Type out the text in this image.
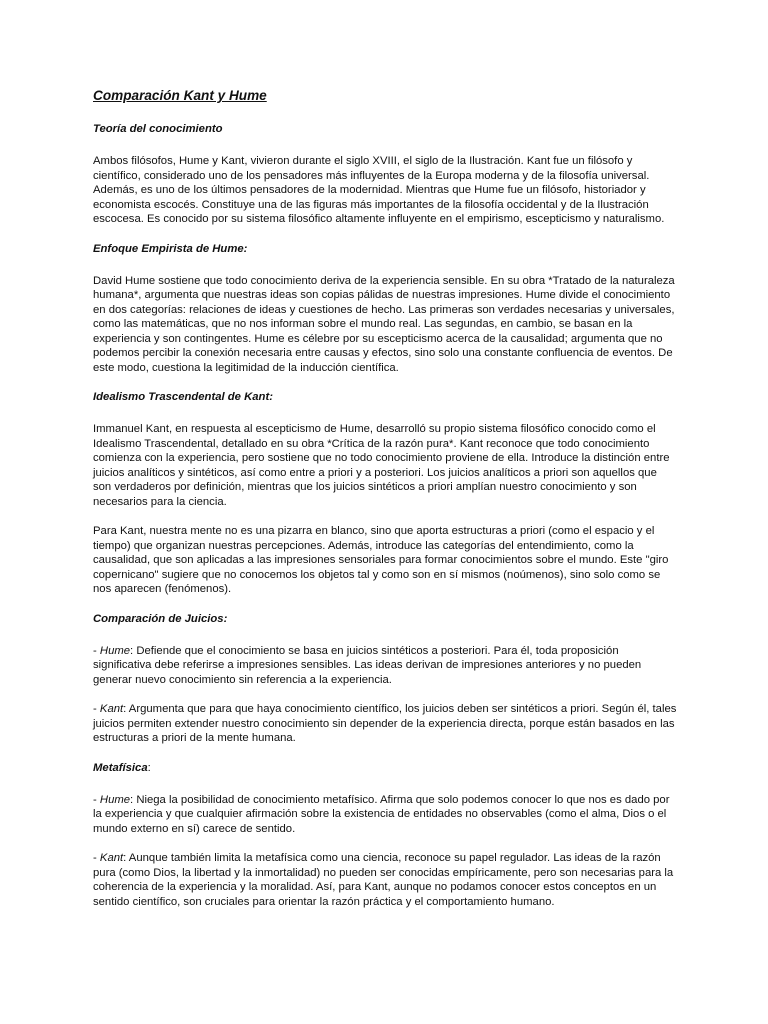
Comparación Kant y Hume
Teoría del conocimiento

Ambos filósofos, Hume y Kant, vivieron durante el siglo XVIII, el siglo de la Ilustración. Kant fue un filósofo y científico, considerado uno de los pensadores más influyentes de la Europa moderna y de la filosofía universal. Además, es uno de los últimos pensadores de la modernidad. Mientras que Hume fue un filósofo, historiador y economista escocés. Constituye una de las figuras más importantes de la filosofía occidental y de la Ilustración escocesa. Es conocido por su sistema filosófico altamente influyente en el empirismo, escepticismo y naturalismo.

Enfoque Empirista de Hume:

David Hume sostiene que todo conocimiento deriva de la experiencia sensible. En su obra *Tratado de la naturaleza humana*, argumenta que nuestras ideas son copias pálidas de nuestras impresiones. Hume divide el conocimiento en dos categorías: relaciones de ideas y cuestiones de hecho. Las primeras son verdades necesarias y universales, como las matemáticas, que no nos informan sobre el mundo real. Las segundas, en cambio, se basan en la experiencia y son contingentes. Hume es célebre por su escepticismo acerca de la causalidad; argumenta que no podemos percibir la conexión necesaria entre causas y efectos, sino solo una constante confluencia de eventos. De este modo, cuestiona la legitimidad de la inducción científica.

Idealismo Trascendental de Kant:

Immanuel Kant, en respuesta al escepticismo de Hume, desarrolló su propio sistema filosófico conocido como el Idealismo Trascendental, detallado en su obra *Crítica de la razón pura*. Kant reconoce que todo conocimiento comienza con la experiencia, pero sostiene que no todo conocimiento proviene de ella. Introduce la distinción entre juicios analíticos y sintéticos, así como entre a priori y a posteriori. Los juicios analíticos a priori son aquellos que son verdaderos por definición, mientras que los juicios sintéticos a priori amplían nuestro conocimiento y son necesarios para la ciencia.

Para Kant, nuestra mente no es una pizarra en blanco, sino que aporta estructuras a priori (como el espacio y el tiempo) que organizan nuestras percepciones. Además, introduce las categorías del entendimiento, como la causalidad, que son aplicadas a las impresiones sensoriales para formar conocimientos sobre el mundo. Este "giro copernicano" sugiere que no conocemos los objetos tal y como son en sí mismos (noúmenos), sino solo como se nos aparecen (fenómenos).

Comparación de Juicios:

- Hume: Defiende que el conocimiento se basa en juicios sintéticos a posteriori. Para él, toda proposición significativa debe referirse a impresiones sensibles. Las ideas derivan de impresiones anteriores y no pueden generar nuevo conocimiento sin referencia a la experiencia.

- Kant: Argumenta que para que haya conocimiento científico, los juicios deben ser sintéticos a priori. Según él, tales juicios permiten extender nuestro conocimiento sin depender de la experiencia directa, porque están basados en las estructuras a priori de la mente humana.

Metafísica:

- Hume: Niega la posibilidad de conocimiento metafísico. Afirma que solo podemos conocer lo que nos es dado por la experiencia y que cualquier afirmación sobre la existencia de entidades no observables (como el alma, Dios o el mundo externo en sí) carece de sentido.

- Kant: Aunque también limita la metafísica como una ciencia, reconoce su papel regulador. Las ideas de la razón pura (como Dios, la libertad y la inmortalidad) no pueden ser conocidas empíricamente, pero son necesarias para la coherencia de la experiencia y la moralidad. Así, para Kant, aunque no podamos conocer estos conceptos en un sentido científico, son cruciales para orientar la razón práctica y el comportamiento humano.
